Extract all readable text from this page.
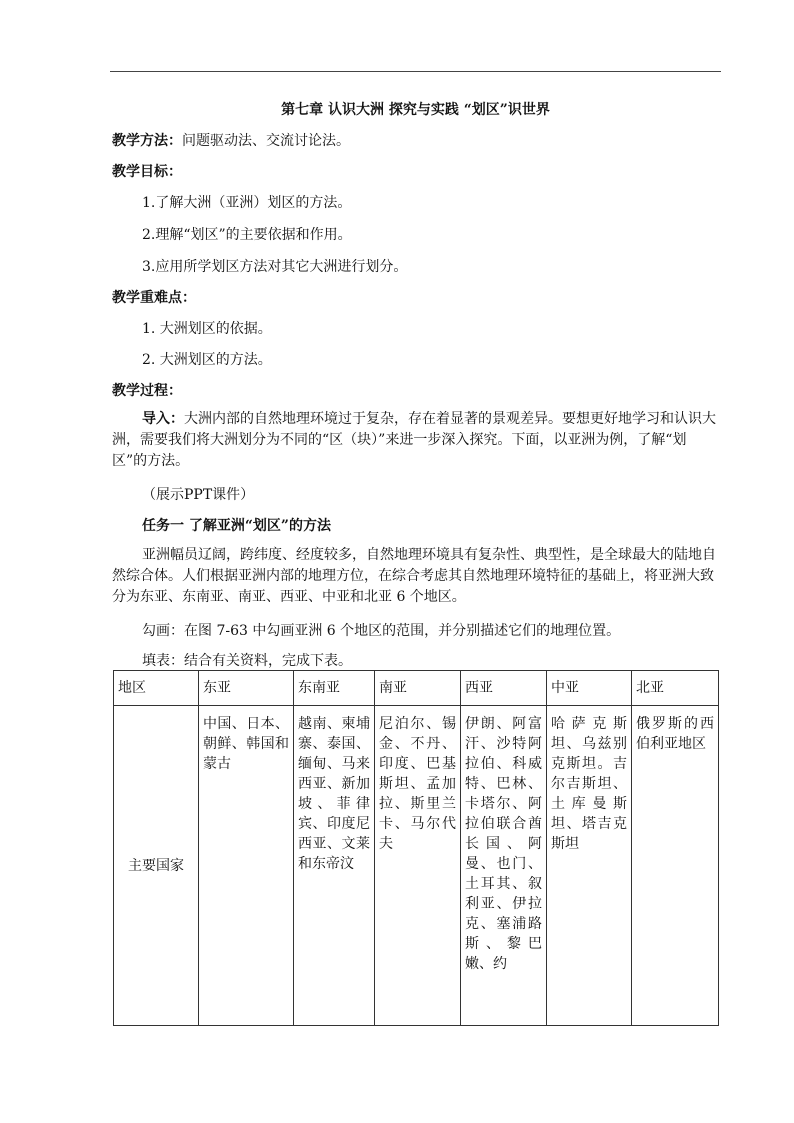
第七章 认识大洲 探究与实践 “划区”识世界
教学方法：问题驱动法、交流讨论法。
教学目标：
1.了解大洲（亚洲）划区的方法。
2.理解“划区”的主要依据和作用。
3.应用所学划区方法对其它大洲进行划分。
教学重难点：
1. 大洲划区的依据。
2. 大洲划区的方法。
教学过程：
导入：大洲内部的自然地理环境过于复杂，存在着显著的景观差异。要想更好地学习和认识大洲，需要我们将大洲划分为不同的“区（块）”来进一步深入探究。下面，以亚洲为例，了解“划区”的方法。
（展示PPT课件）
任务一 了解亚洲“划区”的方法
亚洲幅员辽阔，跨纬度、经度较多，自然地理环境具有复杂性、典型性，是全球最大的陆地自然综合体。人们根据亚洲内部的地理方位，在综合考虑其自然地理环境特征的基础上，将亚洲大致分为东亚、东南亚、南亚、西亚、中亚和北亚 6 个地区。
勾画：在图 7-63 中勾画亚洲 6 个地区的范围，并分别描述它们的地理位置。
填表：结合有关资料，完成下表。
地区	东亚	东南亚	南亚	西亚	中亚	北亚
主要国家	中国、日本、朝鲜、韩国和蒙古	越南、柬埔寨、泰国、缅甸、马来西亚、新加坡、菲律宾、印度尼西亚、文莱和东帝汶	尼泊尔、锡金、不丹、印度、巴基斯坦、孟加拉、斯里兰卡、马尔代夫	伊朗、阿富汗、沙特阿拉伯、科威特、巴林、卡塔尔、阿拉伯联合酋长国、阿曼、也门、土耳其、叙利亚、伊拉克、塞浦路斯、黎巴嫩、约	哈萨克斯坦、乌兹别克斯坦。吉尔吉斯坦、土库曼斯坦、塔吉克斯坦	俄罗斯的西伯利亚地区
